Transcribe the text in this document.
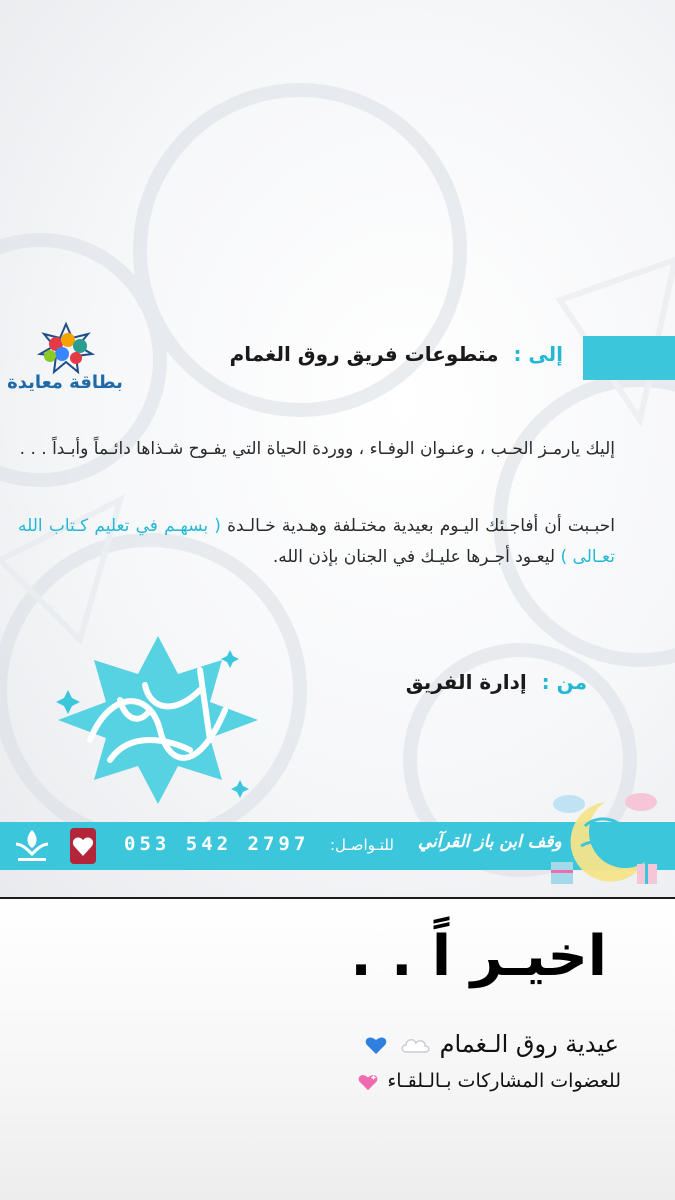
إلى : متطوعات فريق روق الغمام
بطاقة معايدة
إليك يارمـز الحـب ، وعنـوان الوفـاء ، ووردة الحياة التي يفـوح شـذاها دائـماً وأبـداً . . .
احبـبت أن أفاجـئك اليـوم بعيدية مختـلفة وهـدية خـالـدة ( بسهـم في تعليم كـتاب الله تعـالى ) ليعـود أجـرها عليـك في الجنان بإذن الله.
من : إدارة الفريق
053 542 2797 للتـواصـل: وقف ابن باز القرآني
اخيـر اً . .
عيدية روق الـغمام
للعضوات المشاركات بـالـلقـاء
